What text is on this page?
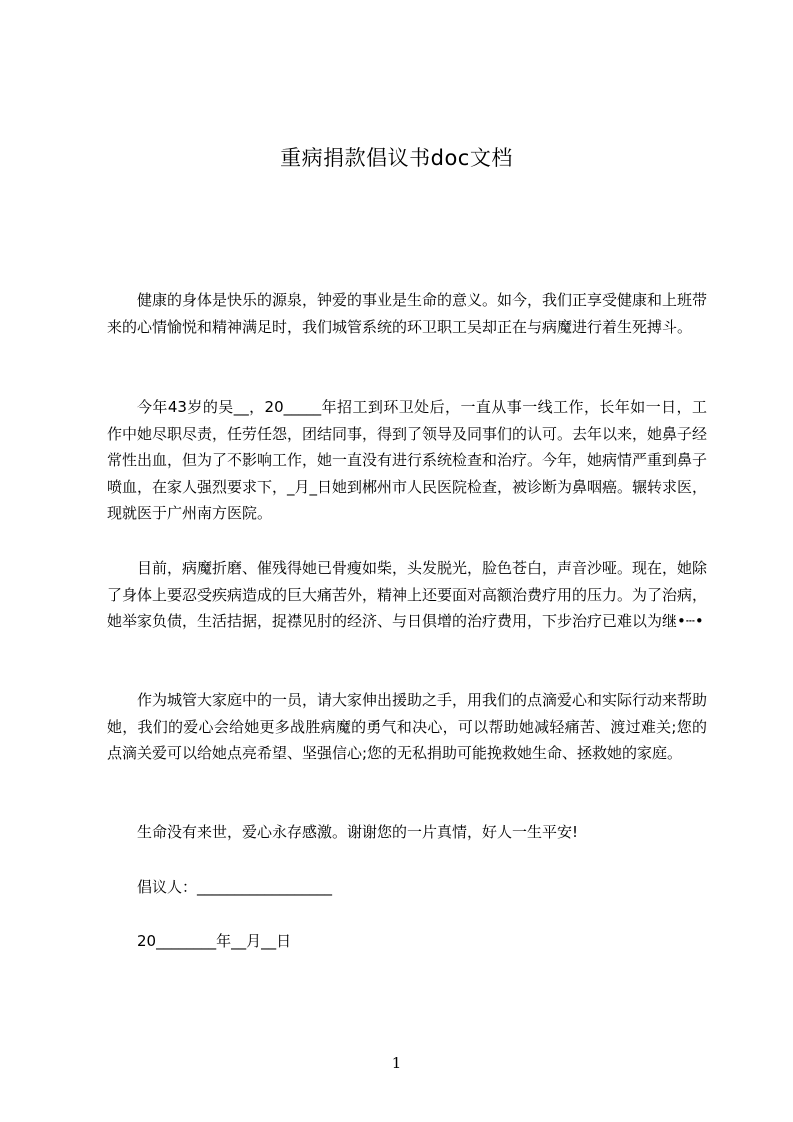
重病捐款倡议书doc文档
健康的身体是快乐的源泉，钟爱的事业是生命的意义。如今，我们正享受健康和上班带来的心情愉悦和精神满足时，我们城管系统的环卫职工吴却正在与病魔进行着生死搏斗。
今年43岁的吴__，20_____年招工到环卫处后，一直从事一线工作，长年如一日，工作中她尽职尽责，任劳任怨，团结同事，得到了领导及同事们的认可。去年以来，她鼻子经常性出血，但为了不影响工作，她一直没有进行系统检查和治疗。今年，她病情严重到鼻子喷血，在家人强烈要求下，_月_日她到郴州市人民医院检查，被诊断为鼻咽癌。辗转求医，现就医于广州南方医院。
目前，病魔折磨、催残得她已骨瘦如柴，头发脱光，脸色苍白，声音沙哑。现在，她除了身体上要忍受疾病造成的巨大痛苦外，精神上还要面对高额治费疗用的压力。为了治病，她举家负债，生活拮据，捉襟见肘的经济、与日俱增的治疗费用，下步治疗已难以为继•┄•
作为城管大家庭中的一员，请大家伸出援助之手，用我们的点滴爱心和实际行动来帮助她，我们的爱心会给她更多战胜病魔的勇气和决心，可以帮助她减轻痛苦、渡过难关;您的点滴关爱可以给她点亮希望、坚强信心;您的无私捐助可能挽救她生命、拯救她的家庭。
生命没有来世，爱心永存感激。谢谢您的一片真情，好人一生平安!
倡议人：__________________
20________年__月__日
1
